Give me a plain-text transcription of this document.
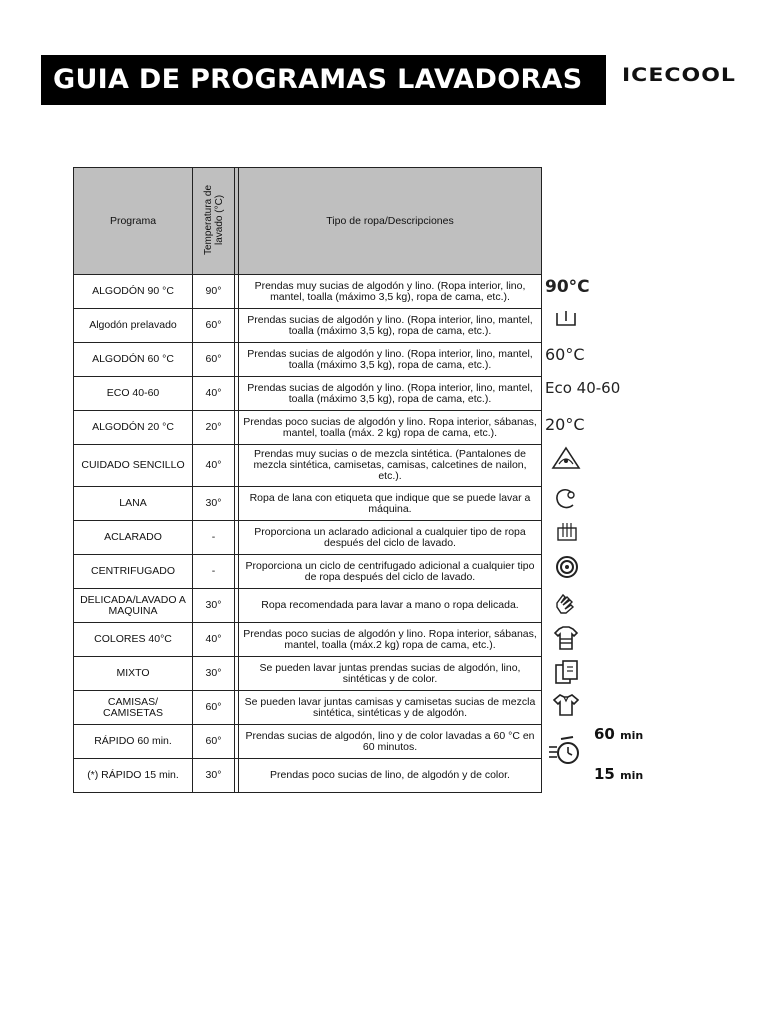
GUIA DE PROGRAMAS LAVADORAS	ICECOOL
Programa	Temperatura de lavado (°C)		Tipo de ropa/Descripciones
ALGODÓN 90 °C	90°		Prendas muy sucias de algodón y lino. (Ropa interior, lino, mantel, toalla (máximo 3,5 kg), ropa de cama, etc.).
Algodón prelavado	60°		Prendas sucias de algodón y lino. (Ropa interior, lino, mantel, toalla (máximo 3,5 kg), ropa de cama, etc.).
ALGODÓN 60 °C	60°		Prendas sucias de algodón y lino. (Ropa interior, lino, mantel, toalla (máximo 3,5 kg), ropa de cama, etc.).
ECO 40-60	40°		Prendas sucias de algodón y lino. (Ropa interior, lino, mantel, toalla (máximo 3,5 kg), ropa de cama, etc.).
ALGODÓN 20 °C	20°		Prendas poco sucias de algodón y lino. Ropa interior, sábanas, mantel, toalla (máx. 2 kg) ropa de cama, etc.).
CUIDADO SENCILLO	40°		Prendas muy sucias o de mezcla sintética. (Pantalones de mezcla sintética, camisetas, camisas, calcetines de nailon, etc.).
LANA	30°		Ropa de lana con etiqueta que indique que se puede lavar a máquina.
ACLARADO	-		Proporciona un aclarado adicional a cualquier tipo de ropa después del ciclo de lavado.
CENTRIFUGADO	-		Proporciona un ciclo de centrifugado adicional a cualquier tipo de ropa después del ciclo de lavado.
DELICADA/LAVADO A MAQUINA	30°		Ropa recomendada para lavar a mano o ropa delicada.
COLORES 40°C	40°		Prendas poco sucias de algodón y lino. Ropa interior, sábanas, mantel, toalla (máx.2 kg) ropa de cama, etc.).
MIXTO	30°		Se pueden lavar juntas prendas sucias de algodón, lino, sintéticas y de color.
CAMISAS/ CAMISETAS	60°		Se pueden lavar juntas camisas y camisetas sucias de mezcla sintética, sintéticas y de algodón.
RÁPIDO 60 min.	60°		Prendas sucias de algodón, lino y de color lavadas a 60 °C en 60 minutos.
(*) RÁPIDO 15 min.	30°		Prendas poco sucias de lino, de algodón y de color.
90°C
60°C
Eco 40-60
20°C
60 min
15 min
